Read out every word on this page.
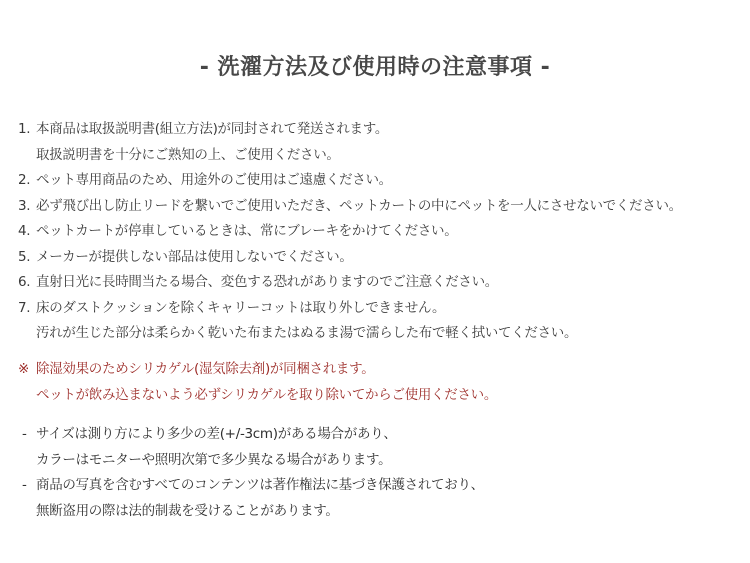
- 洗濯方法及び使用時の注意事項 -
1. 本商品は取扱説明書(組立方法)が同封されて発送されます。
取扱説明書を十分にご熟知の上、ご使用ください。
2. ペット専用商品のため、用途外のご使用はご遠慮ください。
3. 必ず飛び出し防止リードを繋いでご使用いただき、ペットカートの中にペットを一人にさせないでください。
4. ペットカートが停車しているときは、常にブレーキをかけてください。
5. メーカーが提供しない部品は使用しないでください。
6. 直射日光に長時間当たる場合、変色する恐れがありますのでご注意ください。
7. 床のダストクッションを除くキャリーコットは取り外しできません。
汚れが生じた部分は柔らかく乾いた布またはぬるま湯で濡らした布で軽く拭いてください。
※ 除湿効果のためシリカゲル(湿気除去剤)が同梱されます。
ペットが飲み込まないよう必ずシリカゲルを取り除いてからご使用ください。
- サイズは測り方により多少の差(+/-3cm)がある場合があり、
カラーはモニターや照明次第で多少異なる場合があります。
- 商品の写真を含むすべてのコンテンツは著作権法に基づき保護されており、
無断盗用の際は法的制裁を受けることがあります。
